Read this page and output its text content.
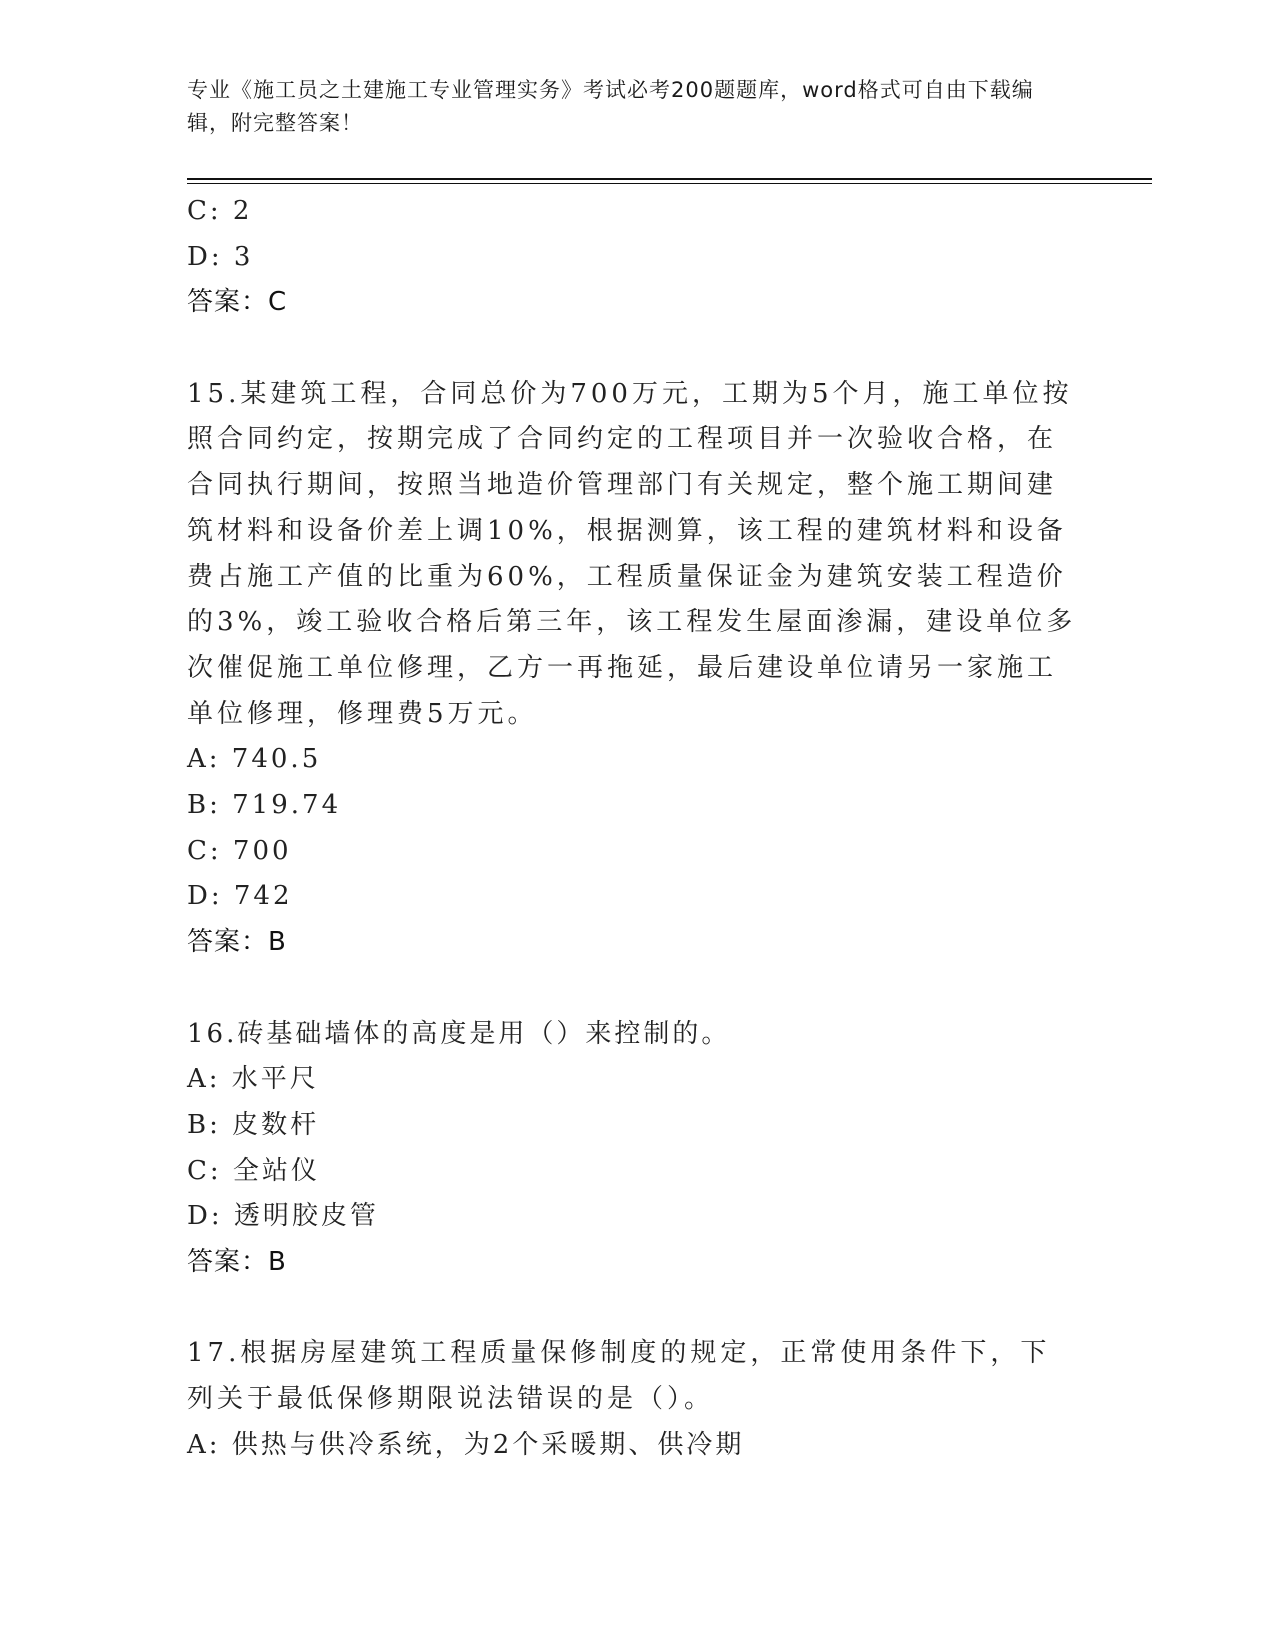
专业《施工员之土建施工专业管理实务》考试必考200题题库，word格式可自由下载编辑，附完整答案！
C: 2
D: 3
答案：C
15.某建筑工程，合同总价为700万元，工期为5个月，施工单位按照合同约定，按期完成了合同约定的工程项目并一次验收合格，在合同执行期间，按照当地造价管理部门有关规定，整个施工期间建筑材料和设备价差上调10%，根据测算，该工程的建筑材料和设备费占施工产值的比重为60%，工程质量保证金为建筑安装工程造价的3%，竣工验收合格后第三年，该工程发生屋面渗漏，建设单位多次催促施工单位修理，乙方一再拖延，最后建设单位请另一家施工单位修理，修理费5万元。
A: 740.5
B: 719.74
C: 700
D: 742
答案：B
16.砖基础墙体的高度是用（）来控制的。
A: 水平尺
B: 皮数杆
C: 全站仪
D: 透明胶皮管
答案：B
17.根据房屋建筑工程质量保修制度的规定，正常使用条件下，下列关于最低保修期限说法错误的是（）。
A: 供热与供冷系统，为2个采暖期、供冷期
